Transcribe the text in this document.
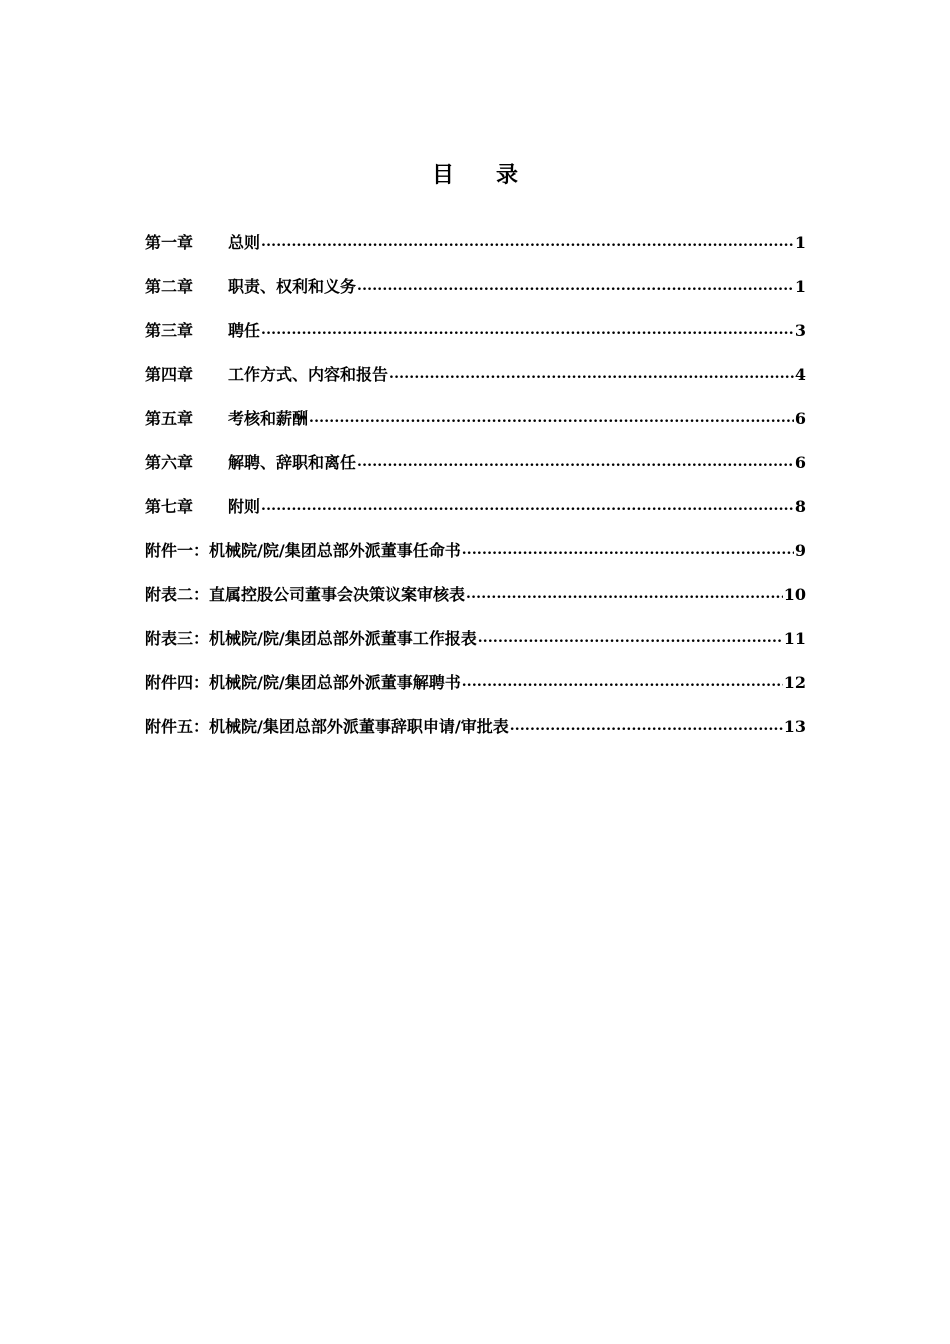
目 录
第一章	总则 .....	1
第二章	职责、权利和义务 .....	1
第三章	聘任 .....	3
第四章	工作方式、内容和报告 .....	4
第五章	考核和薪酬 .....	6
第六章	解聘、辞职和离任 .....	6
第七章	附则 .....	8
附件一：机械院/院/集团总部外派董事任命书 .....	9
附表二：直属控股公司董事会决策议案审核表 .....	10
附表三：机械院/院/集团总部外派董事工作报表 .....	11
附件四：机械院/院/集团总部外派董事解聘书 .....	12
附件五：机械院/集团总部外派董事辞职申请/审批表 .....	13
